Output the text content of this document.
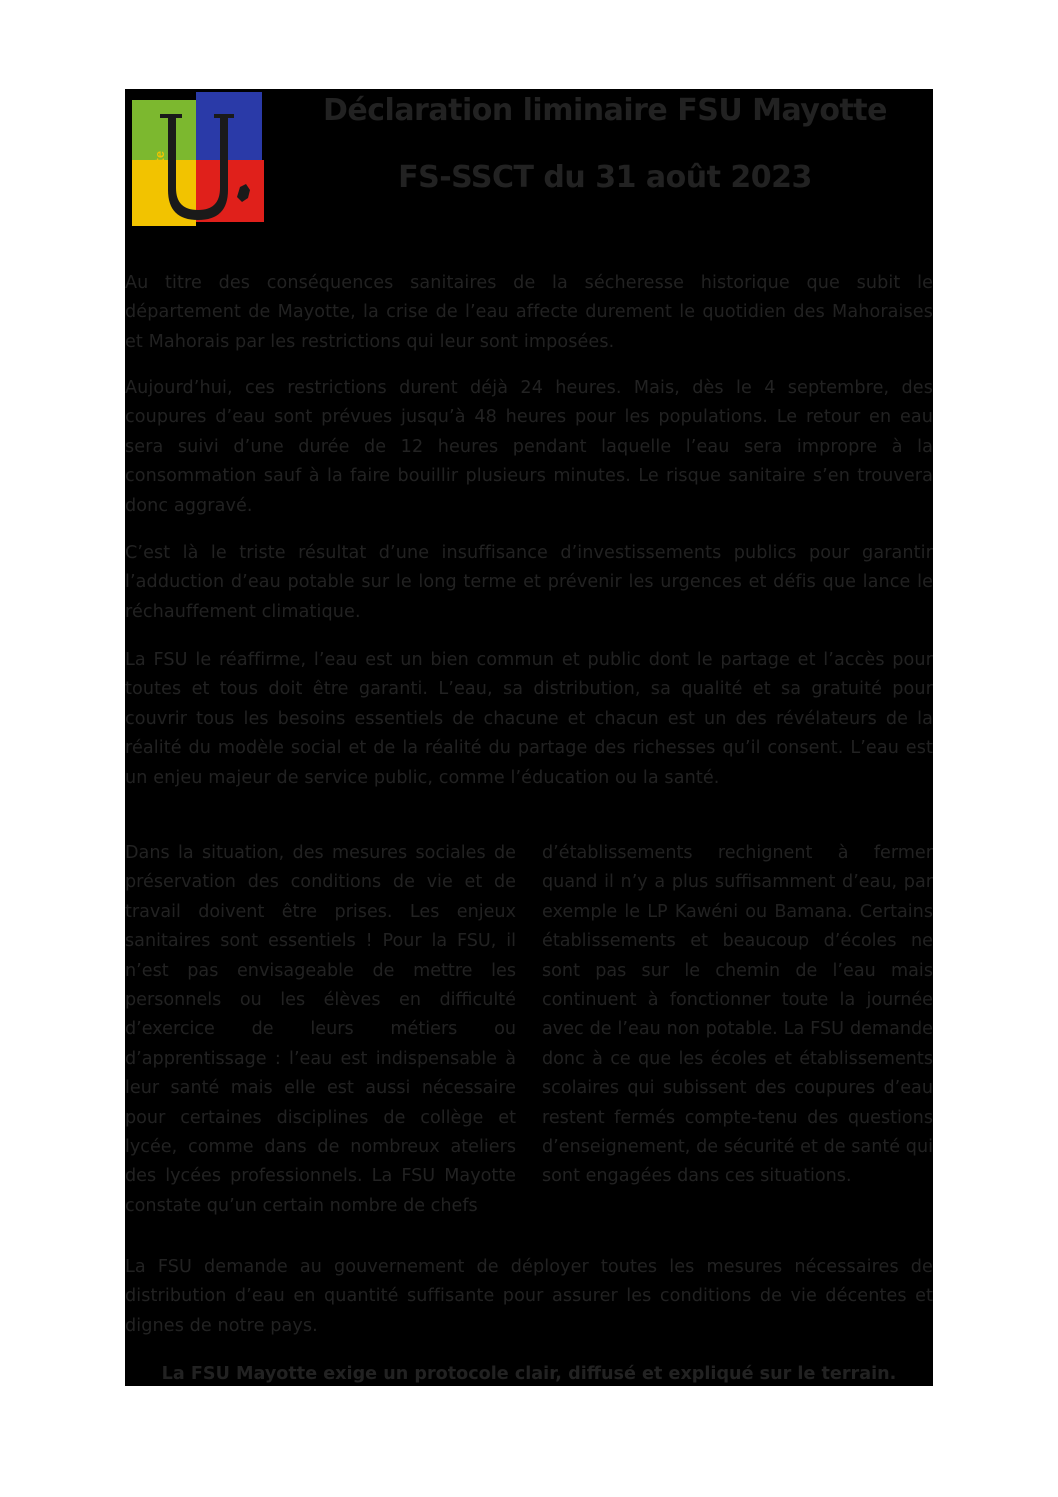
Mayotte
Déclaration liminaire FSU Mayotte
FS-SSCT du 31 août 2023

Au titre des conséquences sanitaires de la sécheresse historique que subit le département de Mayotte, la crise de l’eau affecte durement le quotidien des Mahoraises et Mahorais par les restrictions qui leur sont imposées.

Aujourd’hui, ces restrictions durent déjà 24 heures. Mais, dès le 4 septembre, des coupures d’eau sont prévues jusqu’à 48 heures pour les populations. Le retour en eau sera suivi d’une durée de 12 heures pendant laquelle l’eau sera impropre à la consommation sauf à la faire bouillir plusieurs minutes. Le risque sanitaire s’en trouvera donc aggravé.

C’est là le triste résultat d’une insuffisance d’investissements publics pour garantir l’adduction d’eau potable sur le long terme et prévenir les urgences et défis que lance le réchauffement climatique.

La FSU le réaffirme, l’eau est un bien commun et public dont le partage et l’accès pour toutes et tous doit être garanti. L’eau, sa distribution, sa qualité et sa gratuité pour couvrir tous les besoins essentiels de chacune et chacun est un des révélateurs de la réalité du modèle social et de la réalité du partage des richesses qu’il consent. L’eau est un enjeu majeur de service public, comme l’éducation ou la santé.

Dans la situation, des mesures sociales de préservation des conditions de vie et de travail doivent être prises. Les enjeux sanitaires sont essentiels ! Pour la FSU, il n’est pas envisageable de mettre les personnels ou les élèves en difficulté d’exercice de leurs métiers ou d’apprentissage : l’eau est indispensable à leur santé mais elle est aussi nécessaire pour certaines disciplines de collège et lycée, comme dans de nombreux ateliers des lycées professionnels. La FSU Mayotte constate qu’un certain nombre de chefs

d’établissements rechignent à fermer quand il n’y a plus suffisamment d’eau, par exemple le LP Kawéni ou Bamana. Certains établissements et beaucoup d’écoles ne sont pas sur le chemin de l’eau mais continuent à fonctionner toute la journée avec de l’eau non potable. La FSU demande donc à ce que les écoles et établissements scolaires qui subissent des coupures d’eau restent fermés compte-tenu des questions d’enseignement, de sécurité et de santé qui sont engagées dans ces situations.

La FSU demande au gouvernement de déployer toutes les mesures nécessaires de distribution d’eau en quantité suffisante pour assurer les conditions de vie décentes et dignes de notre pays.

La FSU Mayotte exige un protocole clair, diffusé et expliqué sur le terrain.
